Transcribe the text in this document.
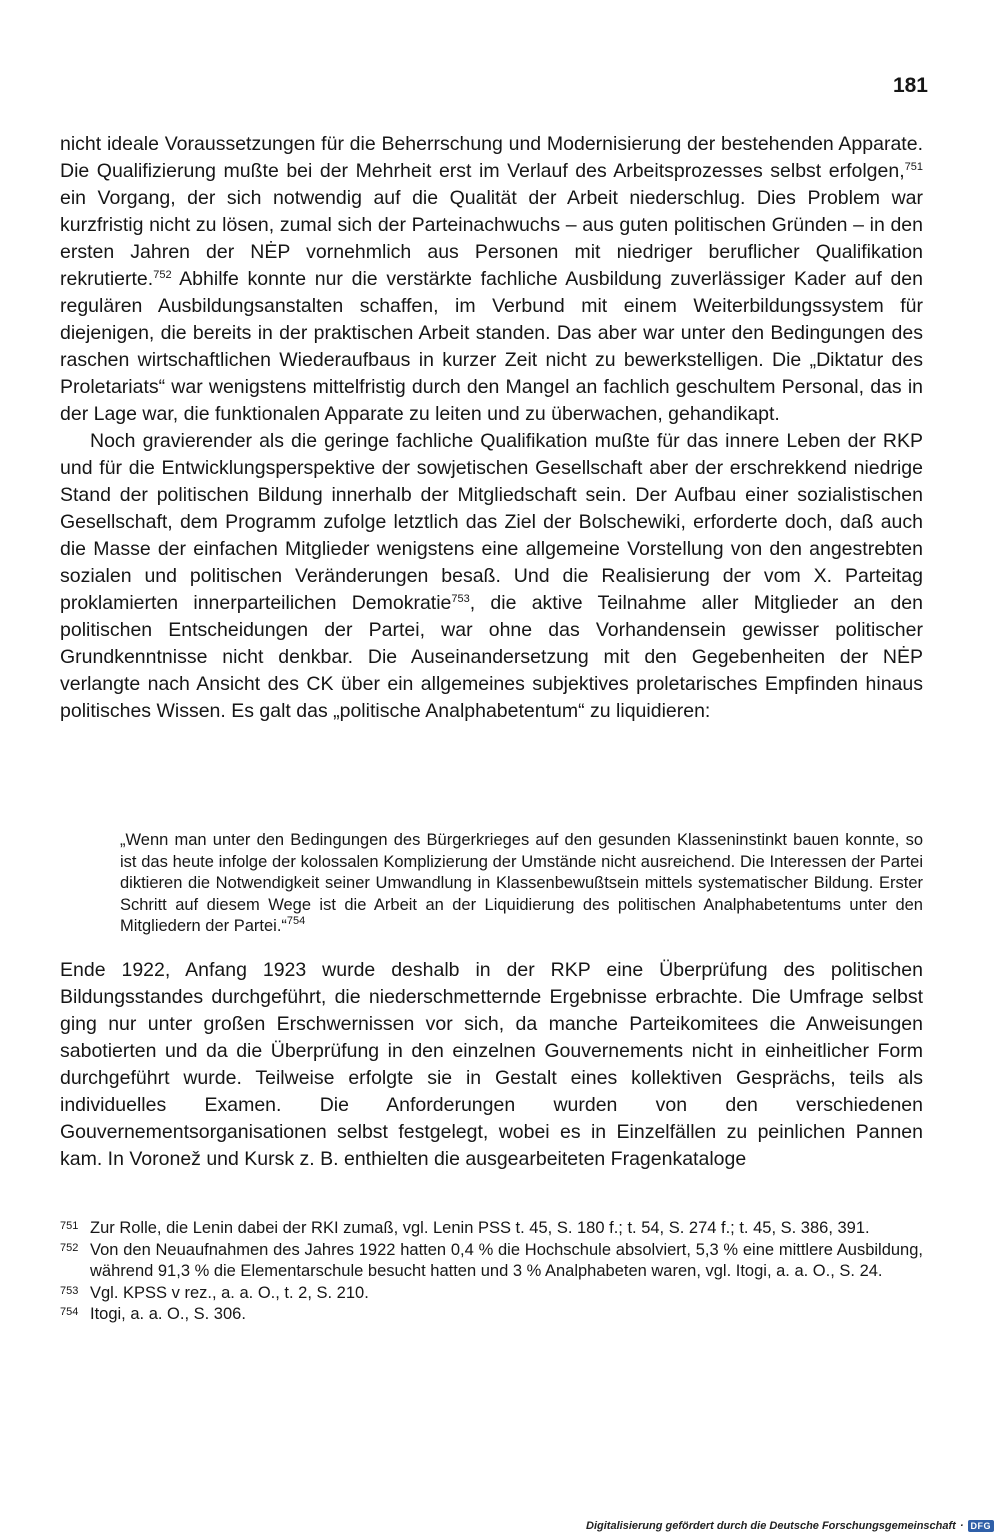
181

nicht ideale Voraussetzungen für die Beherrschung und Modernisierung der bestehenden Apparate. Die Qualifizierung mußte bei der Mehrheit erst im Verlauf des Arbeitsprozesses selbst erfolgen,$^{751}$ ein Vorgang, der sich notwendig auf die Qualität der Arbeit niederschlug. Dies Problem war kurzfristig nicht zu lösen, zumal sich der Parteinachwuchs – aus guten politischen Gründen – in den ersten Jahren der NĖP vornehmlich aus Personen mit niedriger beruflicher Qualifikation rekrutierte.$^{752}$ Abhilfe konnte nur die verstärkte fachliche Ausbildung zuverlässiger Kader auf den regulären Ausbildungsanstalten schaffen, im Verbund mit einem Weiterbildungssystem für diejenigen, die bereits in der praktischen Arbeit standen. Das aber war unter den Bedingungen des raschen wirtschaftlichen Wiederaufbaus in kurzer Zeit nicht zu bewerkstelligen. Die „Diktatur des Proletariats“ war wenigstens mittelfristig durch den Mangel an fachlich geschultem Personal, das in der Lage war, die funktionalen Apparate zu leiten und zu überwachen, gehandikapt.

Noch gravierender als die geringe fachliche Qualifikation mußte für das innere Leben der RKP und für die Entwicklungsperspektive der sowjetischen Gesellschaft aber der erschrekkend niedrige Stand der politischen Bildung innerhalb der Mitgliedschaft sein. Der Aufbau einer sozialistischen Gesellschaft, dem Programm zufolge letztlich das Ziel der Bolschewiki, erforderte doch, daß auch die Masse der einfachen Mitglieder wenigstens eine allgemeine Vorstellung von den angestrebten sozialen und politischen Veränderungen besaß. Und die Realisierung der vom X. Parteitag proklamierten innerparteilichen Demokratie$^{753}$, die aktive Teilnahme aller Mitglieder an den politischen Entscheidungen der Partei, war ohne das Vorhandensein gewisser politischer Grundkenntnisse nicht denkbar. Die Auseinandersetzung mit den Gegebenheiten der NĖP verlangte nach Ansicht des CK über ein allgemeines subjektives proletarisches Empfinden hinaus politisches Wissen. Es galt das „politische Analphabetentum“ zu liquidieren:

„Wenn man unter den Bedingungen des Bürgerkrieges auf den gesunden Klasseninstinkt bauen konnte, so ist das heute infolge der kolossalen Komplizierung der Umstände nicht ausreichend. Die Interessen der Partei diktieren die Notwendigkeit seiner Umwandlung in Klassenbewußtsein mittels systematischer Bildung. Erster Schritt auf diesem Wege ist die Arbeit an der Liquidierung des politischen Analphabetentums unter den Mitgliedern der Partei.“$^{754}$

Ende 1922, Anfang 1923 wurde deshalb in der RKP eine Überprüfung des politischen Bildungsstandes durchgeführt, die niederschmetternde Ergebnisse erbrachte. Die Umfrage selbst ging nur unter großen Erschwernissen vor sich, da manche Parteikomitees die Anweisungen sabotierten und da die Überprüfung in den einzelnen Gouvernements nicht in einheitlicher Form durchgeführt wurde. Teilweise erfolgte sie in Gestalt eines kollektiven Gesprächs, teils als individuelles Examen. Die Anforderungen wurden von den verschiedenen Gouvernementsorganisationen selbst festgelegt, wobei es in Einzelfällen zu peinlichen Pannen kam. In Voronež und Kursk z. B. enthielten die ausgearbeiteten Fragenkataloge

751 Zur Rolle, die Lenin dabei der RKI zumaß, vgl. Lenin PSS t. 45, S. 180 f.; t. 54, S. 274 f.; t. 45, S. 386, 391.
752 Von den Neuaufnahmen des Jahres 1922 hatten 0,4 % die Hochschule absolviert, 5,3 % eine mittlere Ausbildung, während 91,3 % die Elementarschule besucht hatten und 3 % Analphabeten waren, vgl. Itogi, a. a. O., S. 24.
753 Vgl. KPSS v rez., a. a. O., t. 2, S. 210.
754 Itogi, a. a. O., S. 306.
Digitalisierung gefördert durch die Deutsche Forschungsgemeinschaft · DFG
